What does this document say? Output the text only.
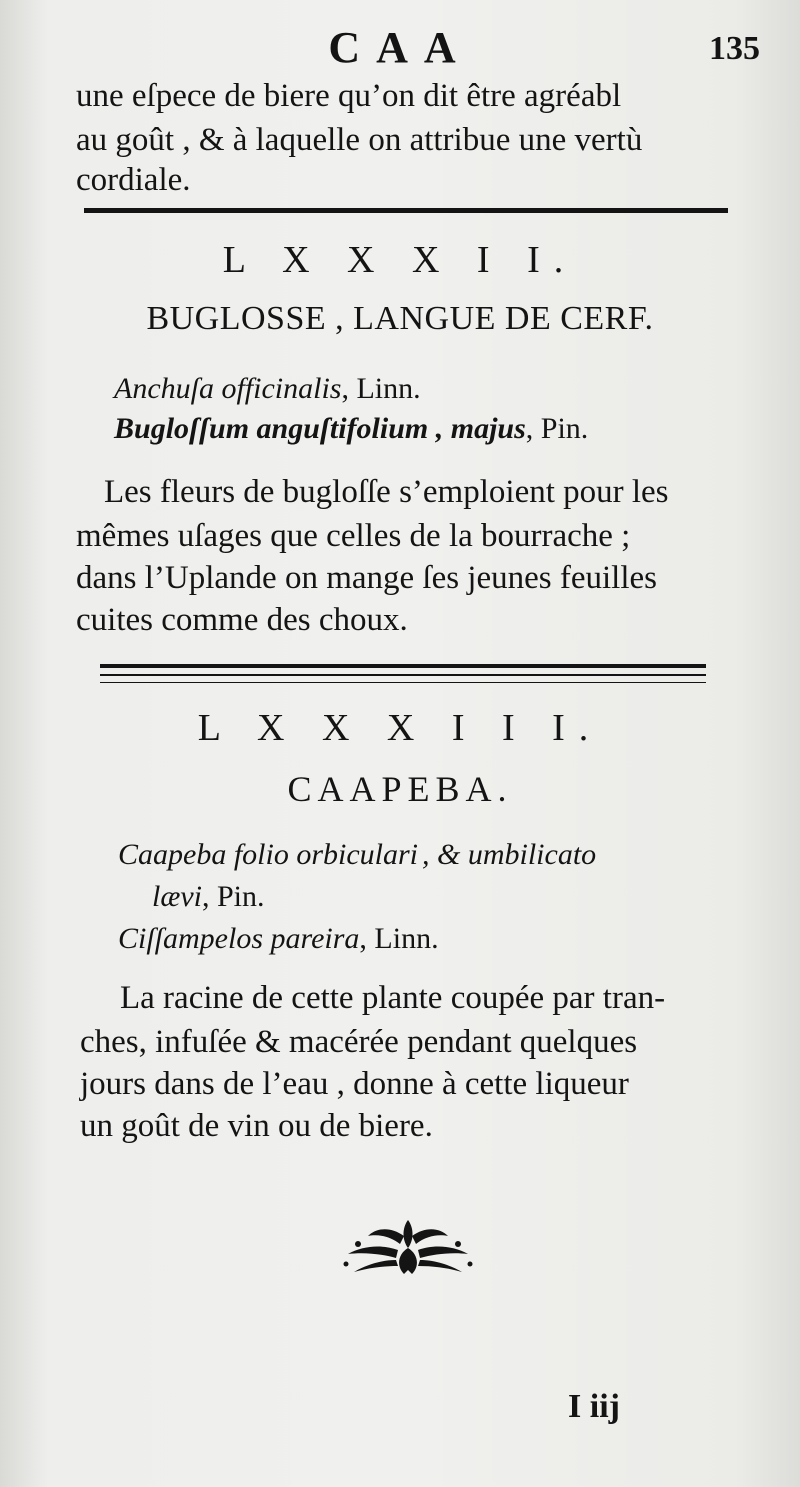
CAA	135
une eſpece de biere qu’on dit être agréabl
au goût , & à laquelle on attribue une vertù
cordiale.
L X X X I I.
BUGLOSSE , LANGUE DE CERF.
Anchuſa officinalis, Linn.
Bugloſſum anguſtifolium , majus, Pin.
Les fleurs de bugloſſe s’emploient pour les
mêmes uſages que celles de la bourrache ;
dans l’Uplande on mange ſes jeunes feuilles
cuites comme des choux.
L X X X I I I.
CAAPEBA.
Caapeba folio orbiculari , & umbilicato
lævi, Pin.
Ciſſampelos pareira, Linn.
La racine de cette plante coupée par tran-
ches, infuſée & macérée pendant quelques
jours dans de l’eau , donne à cette liqueur
un goût de vin ou de biere.
I iij
